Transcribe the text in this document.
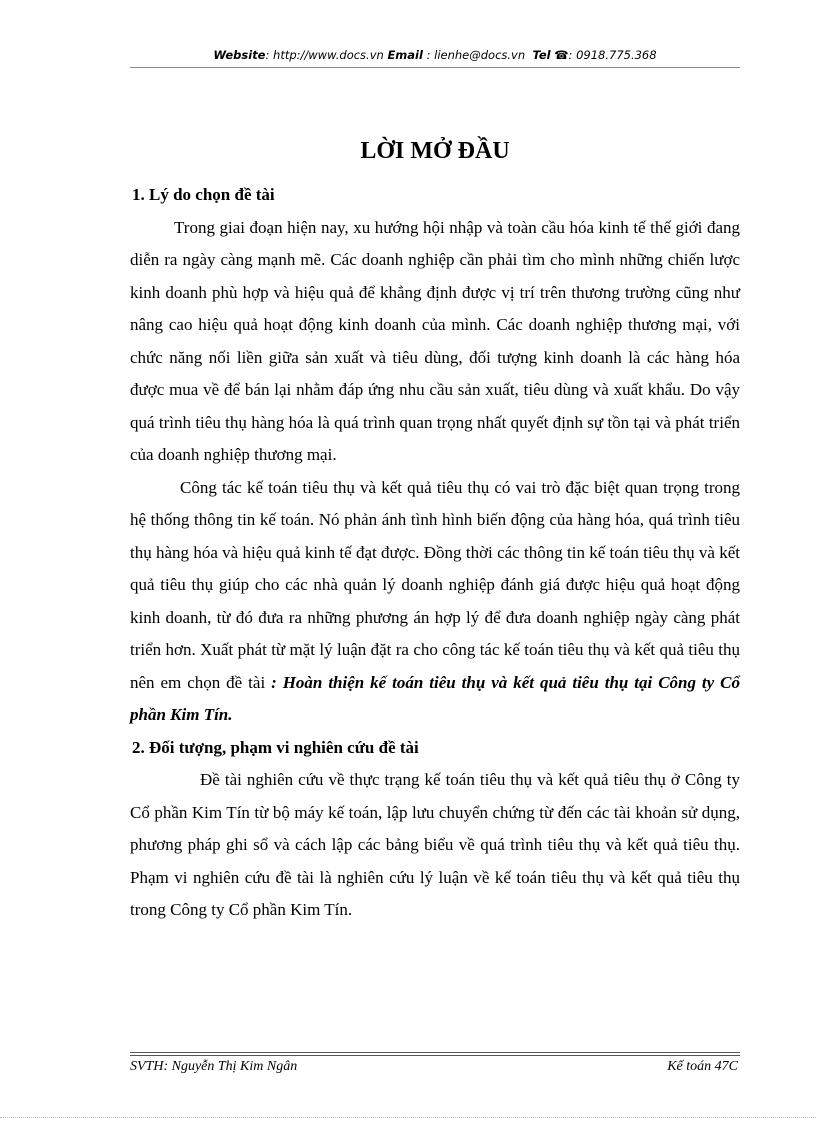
Website: http://www.docs.vn Email : lienhe@docs.vn Tel ☎: 0918.775.368
LỜI MỞ ĐẦU

1. Lý do chọn đề tài

Trong giai đoạn hiện nay, xu hướng hội nhập và toàn cầu hóa kinh tế thế giới đang diễn ra ngày càng mạnh mẽ. Các doanh nghiệp cần phải tìm cho mình những chiến lược kinh doanh phù hợp và hiệu quả để khẳng định được vị trí trên thương trường cũng như nâng cao hiệu quả hoạt động kinh doanh của mình. Các doanh nghiệp thương mại, với chức năng nối liền giữa sản xuất và tiêu dùng, đối tượng kinh doanh là các hàng hóa được mua về để bán lại nhằm đáp ứng nhu cầu sản xuất, tiêu dùng và xuất khẩu. Do vậy quá trình tiêu thụ hàng hóa là quá trình quan trọng nhất quyết định sự tồn tại và phát triển của doanh nghiệp thương mại.

Công tác kế toán tiêu thụ và kết quả tiêu thụ có vai trò đặc biệt quan trọng trong hệ thống thông tin kế toán. Nó phản ánh tình hình biến động của hàng hóa, quá trình tiêu thụ hàng hóa và hiệu quả kinh tế đạt được. Đồng thời các thông tin kế toán tiêu thụ và kết quả tiêu thụ giúp cho các nhà quản lý doanh nghiệp đánh giá được hiệu quả hoạt động kinh doanh, từ đó đưa ra những phương án hợp lý để đưa doanh nghiệp ngày càng phát triển hơn. Xuất phát từ mặt lý luận đặt ra cho công tác kế toán tiêu thụ và kết quả tiêu thụ nên em chọn đề tài : Hoàn thiện kế toán tiêu thụ và kết quả tiêu thụ tại Công ty Cổ phần Kim Tín.

2. Đối tượng, phạm vi nghiên cứu đề tài

Đề tài nghiên cứu về thực trạng kế toán tiêu thụ và kết quả tiêu thụ ở Công ty Cổ phần Kim Tín từ bộ máy kế toán, lập lưu chuyển chứng từ đến các tài khoản sử dụng, phương pháp ghi sổ và cách lập các bảng biểu về quá trình tiêu thụ và kết quả tiêu thụ. Phạm vi nghiên cứu đề tài là nghiên cứu lý luận về kế toán tiêu thụ và kết quả tiêu thụ trong Công ty Cổ phần Kim Tín.

SVTH: Nguyễn Thị Kim Ngân	Kế toán 47C
